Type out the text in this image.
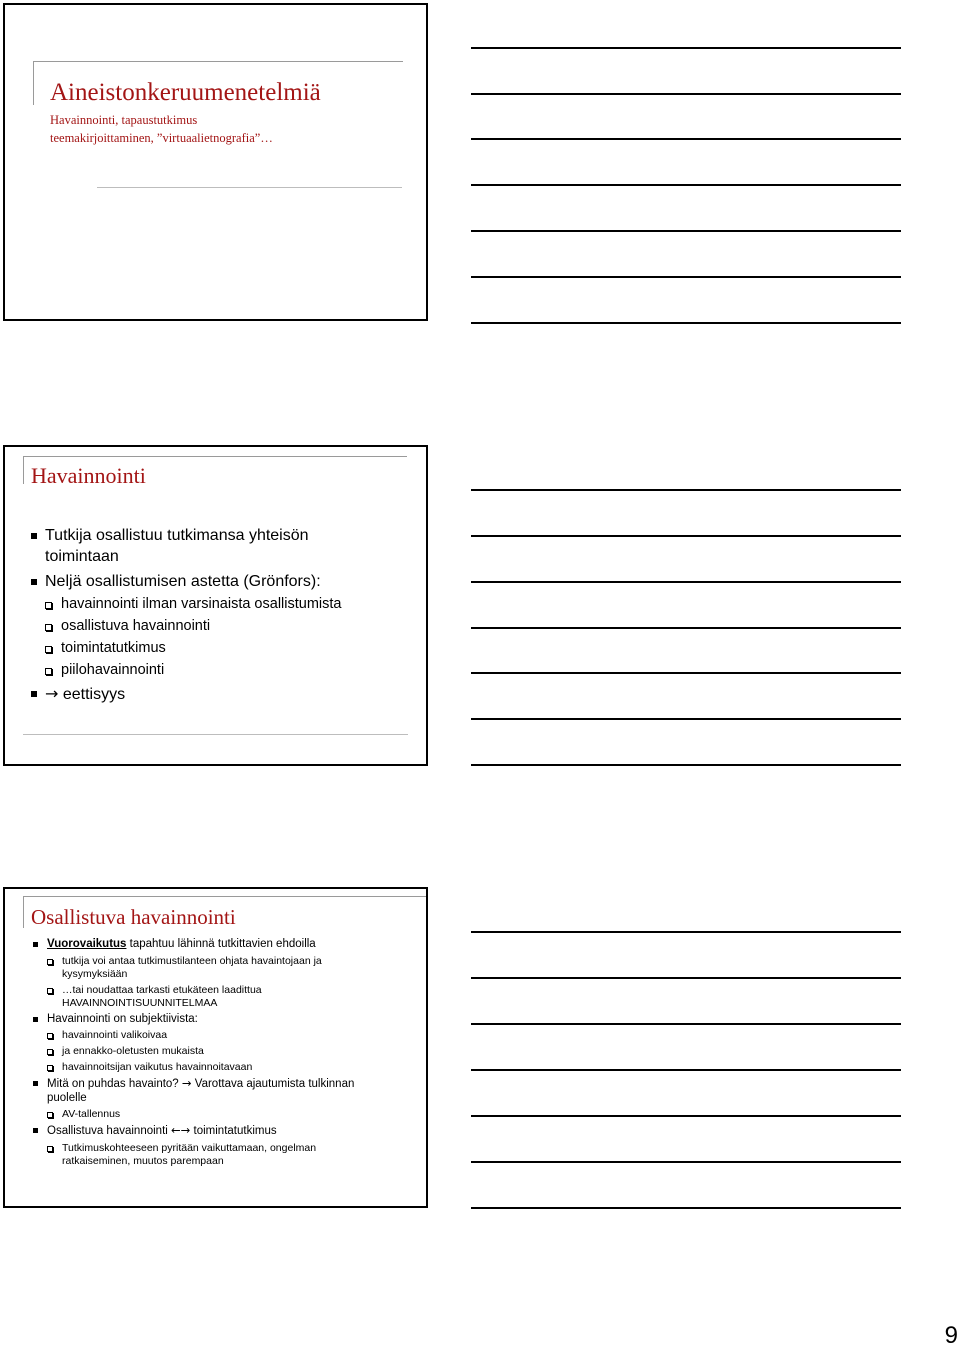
Aineistonkeruumenetelmiä
Havainnointi, tapaustutkimus
teemakirjoittaminen, ”virtuaalietnografia”…
Havainnointi
Tutkija osallistuu tutkimansa yhteisön
toimintaan
Neljä osallistumisen astetta (Grönfors):
havainnointi ilman varsinaista osallistumista
osallistuva havainnointi
toimintatutkimus
piilohavainnointi
→ eettisyys
Osallistuva havainnointi
Vuorovaikutus tapahtuu lähinnä tutkittavien ehdoilla
tutkija voi antaa tutkimustilanteen ohjata havaintojaan ja
kysymyksiään
…tai noudattaa tarkasti etukäteen laadittua
HAVAINNOINTISUUNNITELMAA
Havainnointi on subjektiivista:
havainnointi valikoivaa
ja ennakko-oletusten mukaista
havainnoitsijan vaikutus havainnoitavaan
Mitä on puhdas havainto? → Varottava ajautumista tulkinnan
puolelle
AV-tallennus
Osallistuva havainnointi ←→ toimintatutkimus
Tutkimuskohteeseen pyritään vaikuttamaan, ongelman
ratkaiseminen, muutos parempaan
9
